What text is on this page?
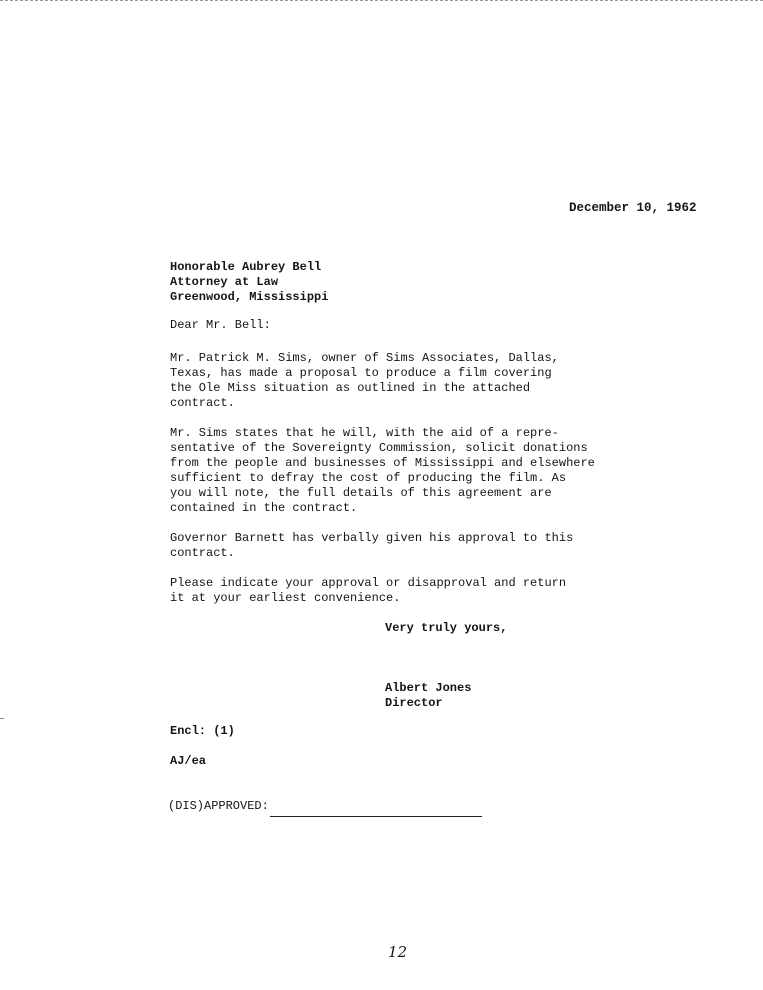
December 10, 1962
Honorable Aubrey Bell
Attorney at Law
Greenwood, Mississippi
Dear Mr. Bell:
Mr. Patrick M. Sims, owner of Sims Associates, Dallas,
Texas, has made a proposal to produce a film covering
the Ole Miss situation as outlined in the attached
contract.
Mr. Sims states that he will, with the aid of a repre-
sentative of the Sovereignty Commission, solicit donations
from the people and businesses of Mississippi and elsewhere
sufficient to defray the cost of producing the film. As
you will note, the full details of this agreement are
contained in the contract.
Governor Barnett has verbally given his approval to this
contract.
Please indicate your approval or disapproval and return
it at your earliest convenience.
Very truly yours,
Albert Jones
Director
Encl: (1)
AJ/ea
(DIS)APPROVED:
12
